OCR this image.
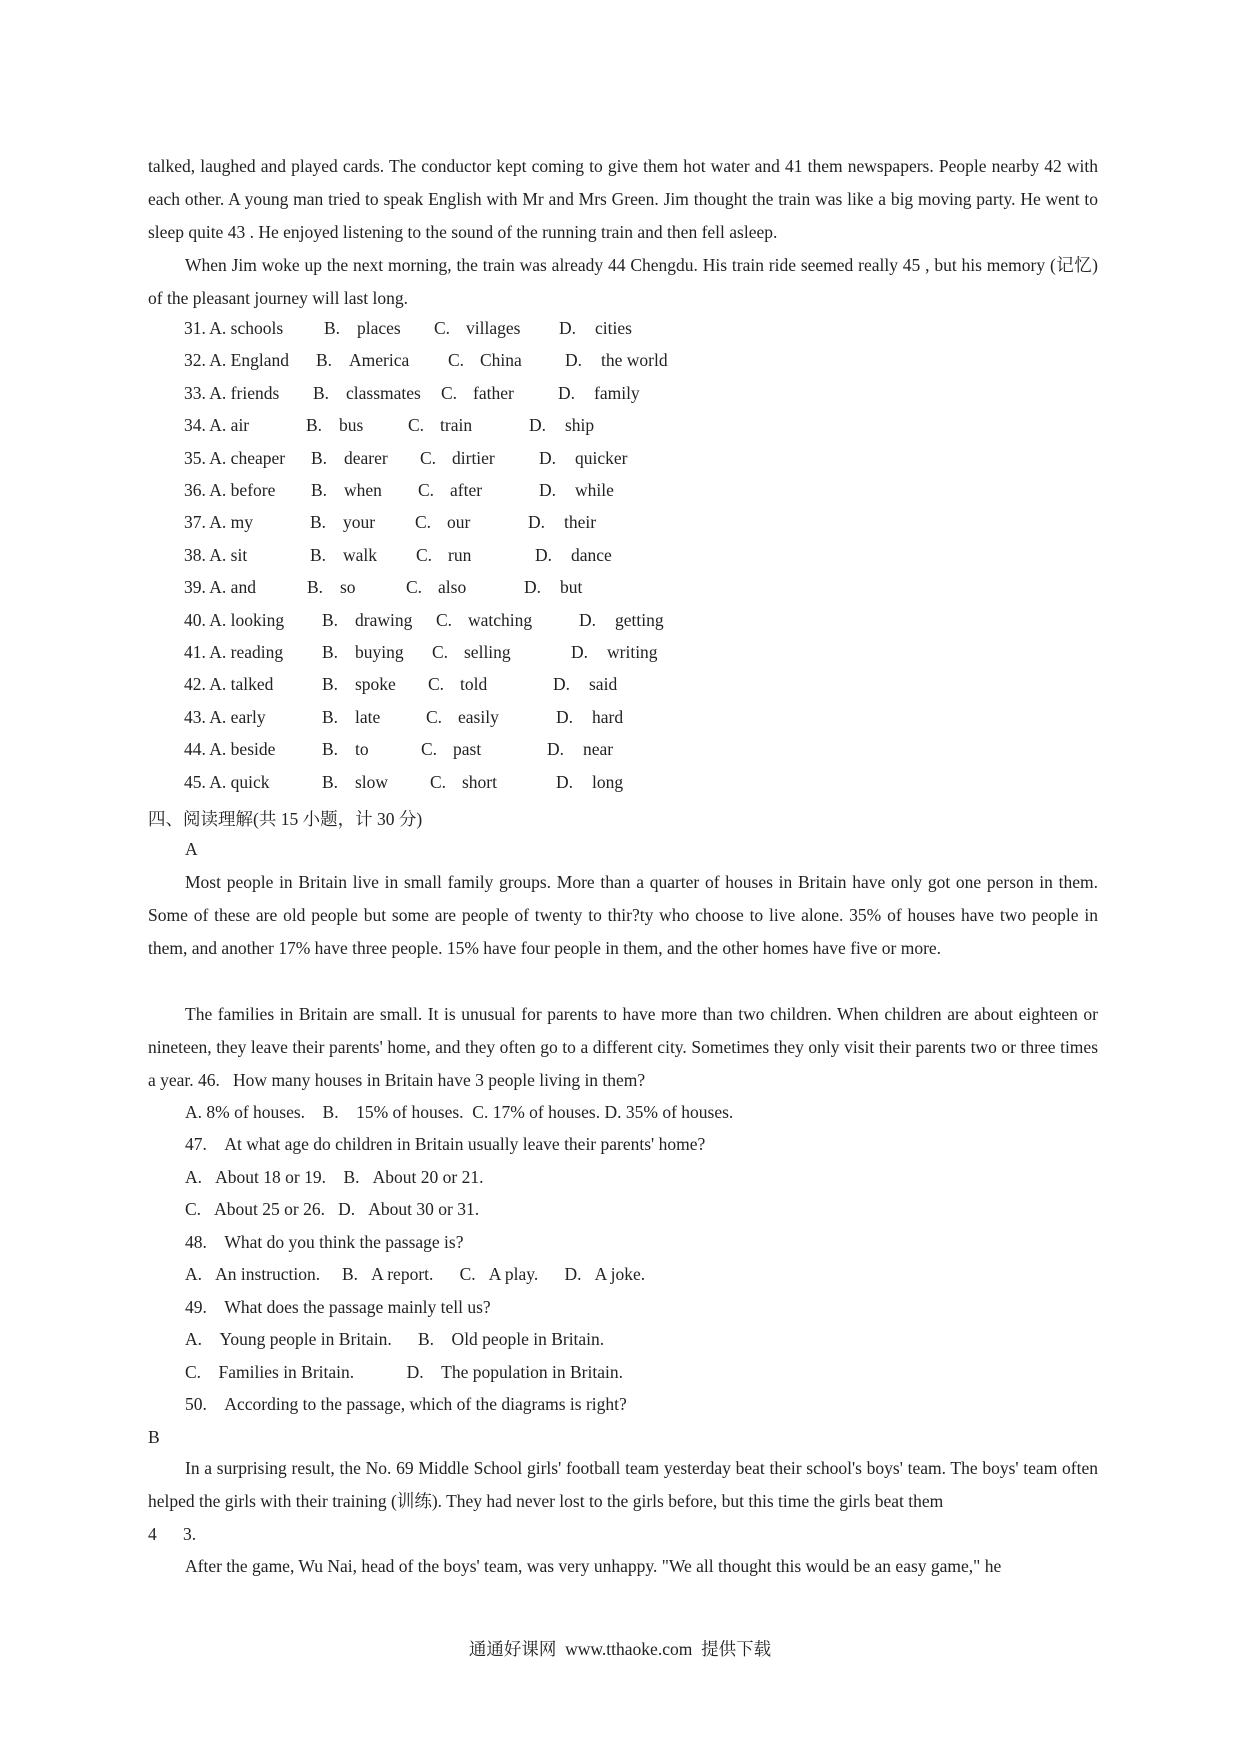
talked, laughed and played cards. The conductor kept coming to give them hot water and 41 them newspapers. People nearby 42 with each other. A young man tried to speak English with Mr and Mrs Green. Jim thought the train was like a big moving party. He went to sleep quite 43 . He enjoyed listening to the sound of the running train and then fell asleep.
When Jim woke up the next morning, the train was already 44 Chengdu. His train ride seemed really 45 , but his memory (记忆) of the pleasant journey will last long.
31. A. schools B. places C. villages D. cities
32. A. England B. America C. China D. the world
33. A. friends B. classmates C. father	D. family
34. A. air	B. bus	C. train	D. ship
35. A. cheaper B. dearer C. dirtier	D. quicker
36. A. before B. when C. after	D. while
37. A. my	B. your C. our	D. their
38. A. sit	B. walk C. run	D. dance
39. A. and	B. so	C. also	D. but
40. A. looking B. drawing C. watching	D. getting
41. A. reading B. buying C. selling	D. writing
42. A. talked	B. spoke C. told	D. said
43. A. early	B. late	C. easily	D. hard
44. A. beside	B. to	C. past	D. near
45. A. quick	B. slow C. short	D. long
四、阅读理解(共 15 小题，计 30 分)
A
Most people in Britain live in small family groups. More than a quarter of houses in Britain have only got one person in them. Some of these are old people but some are people of twenty to thir?ty who choose to live alone. 35% of houses have two people in them, and another 17% have three people. 15% have four people in them, and the other homes have five or more.
The families in Britain are small. It is unusual for parents to have more than two children. When children are about eighteen or nineteen, they leave their parents' home, and they often go to a different city. Sometimes they only visit their parents two or three times a year. 46.   How many houses in Britain have 3 people living in them?
A. 8% of houses.    B.    15% of houses.  C. 17% of houses. D. 35% of houses.
47.    At what age do children in Britain usually leave their parents' home?
A.   About 18 or 19.    B.   About 20 or 21.
C.   About 25 or 26.   D.   About 30 or 31.
48.    What do you think the passage is?
A.   An instruction.     B.   A report.      C.   A play.      D.   A joke.
49.    What does the passage mainly tell us?
A.    Young people in Britain.      B.    Old people in Britain.
C.    Families in Britain.            D.    The population in Britain.
50.    According to the passage, which of the diagrams is right?
B
In a surprising result, the No. 69 Middle School girls' football team yesterday beat their school's boys' team. The boys' team often helped the girls with their training (训练). They had never lost to the girls before, but this time the girls beat them
4      3.
After the game, Wu Nai, head of the boys' team, was very unhappy. "We all thought this would be an easy game," he
通通好课网  www.tthaoke.com  提供下载
